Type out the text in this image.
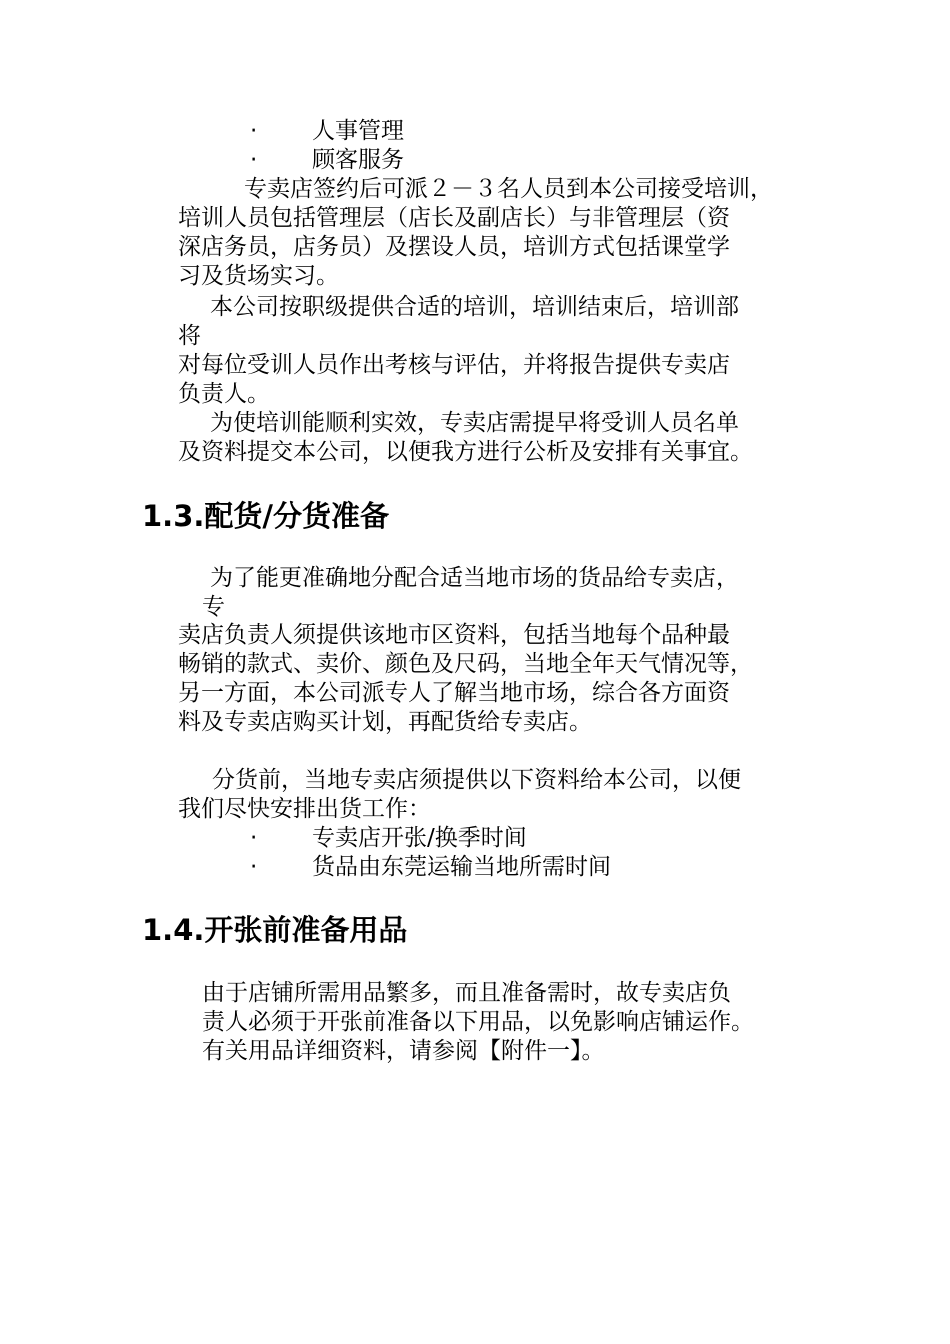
· 人事管理

· 顾客服务

专卖店签约后可派２－３名人员到本公司接受培训，

培训人员包括管理层（店长及副店长）与非管理层（资

深店务员，店务员）及摆设人员，培训方式包括课堂学

习及货场实习。

本公司按职级提供合适的培训，培训结束后，培训部

将

对每位受训人员作出考核与评估，并将报告提供专卖店

负责人。

为使培训能顺利实效，专卖店需提早将受训人员名单

及资料提交本公司，以便我方进行公析及安排有关事宜。

1.3.配货/分货准备

为了能更准确地分配合适当地市场的货品给专卖店，

专

卖店负责人须提供该地市区资料，包括当地每个品种最

畅销的款式、卖价、颜色及尺码，当地全年天气情况等，

另一方面，本公司派专人了解当地市场，综合各方面资

料及专卖店购买计划，再配货给专卖店。

分货前，当地专卖店须提供以下资料给本公司，以便

我们尽快安排出货工作：

· 专卖店开张/换季时间

· 货品由东莞运输当地所需时间

1.4.开张前准备用品

由于店铺所需用品繁多，而且准备需时，故专卖店负

责人必须于开张前准备以下用品，以免影响店铺运作。

有关用品详细资料，请参阅【附件一】。
